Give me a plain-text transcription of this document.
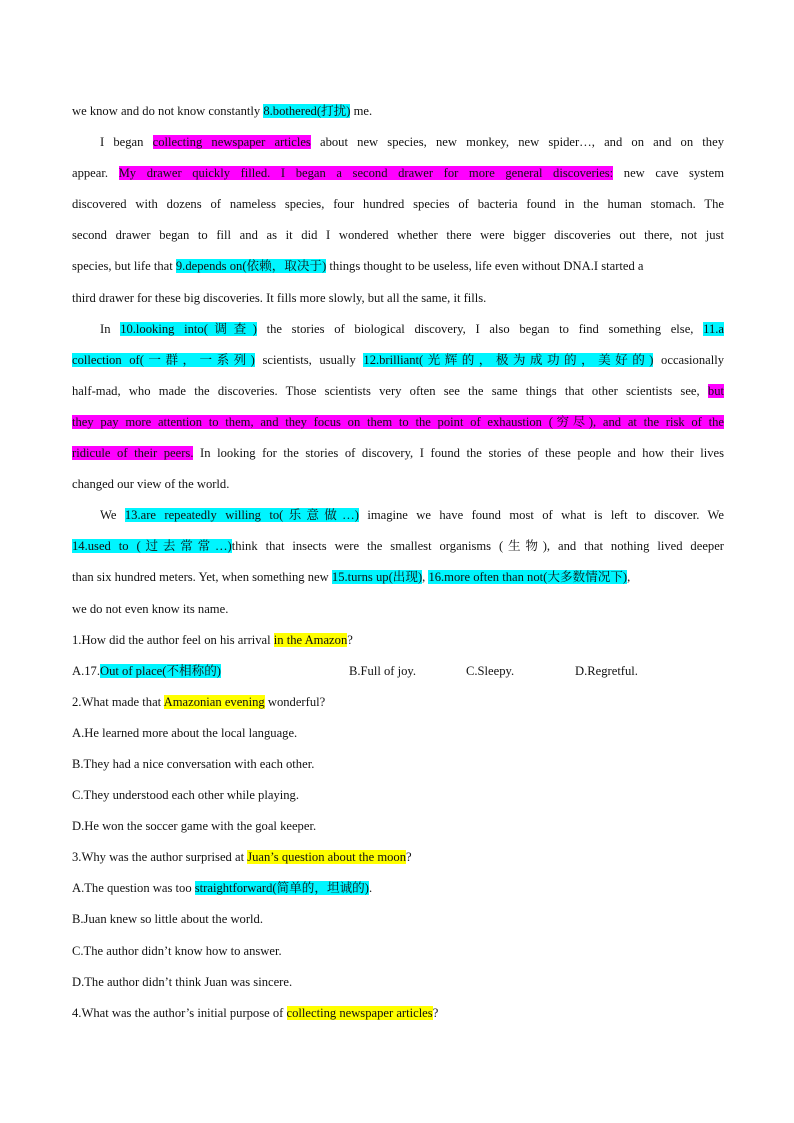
we know and do not know constantly 8.bothered(打扰) me.
I began collecting newspaper articles about new species, new monkey, new spider…, and on and on they
appear. My drawer quickly filled. I began a second drawer for more general discoveries: new cave system
discovered with dozens of nameless species, four hundred species of bacteria found in the human stomach. The
second drawer began to fill and as it did I wondered whether there were bigger discoveries out there, not just
species, but life that 9.depends on(依赖，取决于) things thought to be useless, life even without DNA.I started a
third drawer for these big discoveries. It fills more slowly, but all the same, it fills.
In 10.looking into(调查) the stories of biological discovery, I also began to find something else, 11.a
collection of(一群，一系列) scientists, usually 12.brilliant(光辉的，极为成功的，美好的) occasionally
half-mad, who made the discoveries. Those scientists very often see the same things that other scientists see, but
they pay more attention to them, and they focus on them to the point of exhaustion (穷尽), and at the risk of the
ridicule of their peers. In looking for the stories of discovery, I found the stories of these people and how their lives
changed our view of the world.
We 13.are repeatedly willing to(乐意做…) imagine we have found most of what is left to discover. We
14.used to (过去常常…)think that insects were the smallest organisms (生物), and that nothing lived deeper
than six hundred meters. Yet, when something new 15.turns up(出现), 16.more often than not(大多数情况下),
we do not even know its name.
1.How did the author feel on his arrival in the Amazon?
A.17.Out of place(不相称的)	B.Full of joy.	C.Sleepy.	D.Regretful.
2.What made that Amazonian evening wonderful?
A.He learned more about the local language.
B.They had a nice conversation with each other.
C.They understood each other while playing.
D.He won the soccer game with the goal keeper.
3.Why was the author surprised at Juan’s question about the moon?
A.The question was too straightforward(简单的，坦诚的).
B.Juan knew so little about the world.
C.The author didn’t know how to answer.
D.The author didn’t think Juan was sincere.
4.What was the author’s initial purpose of collecting newspaper articles?
